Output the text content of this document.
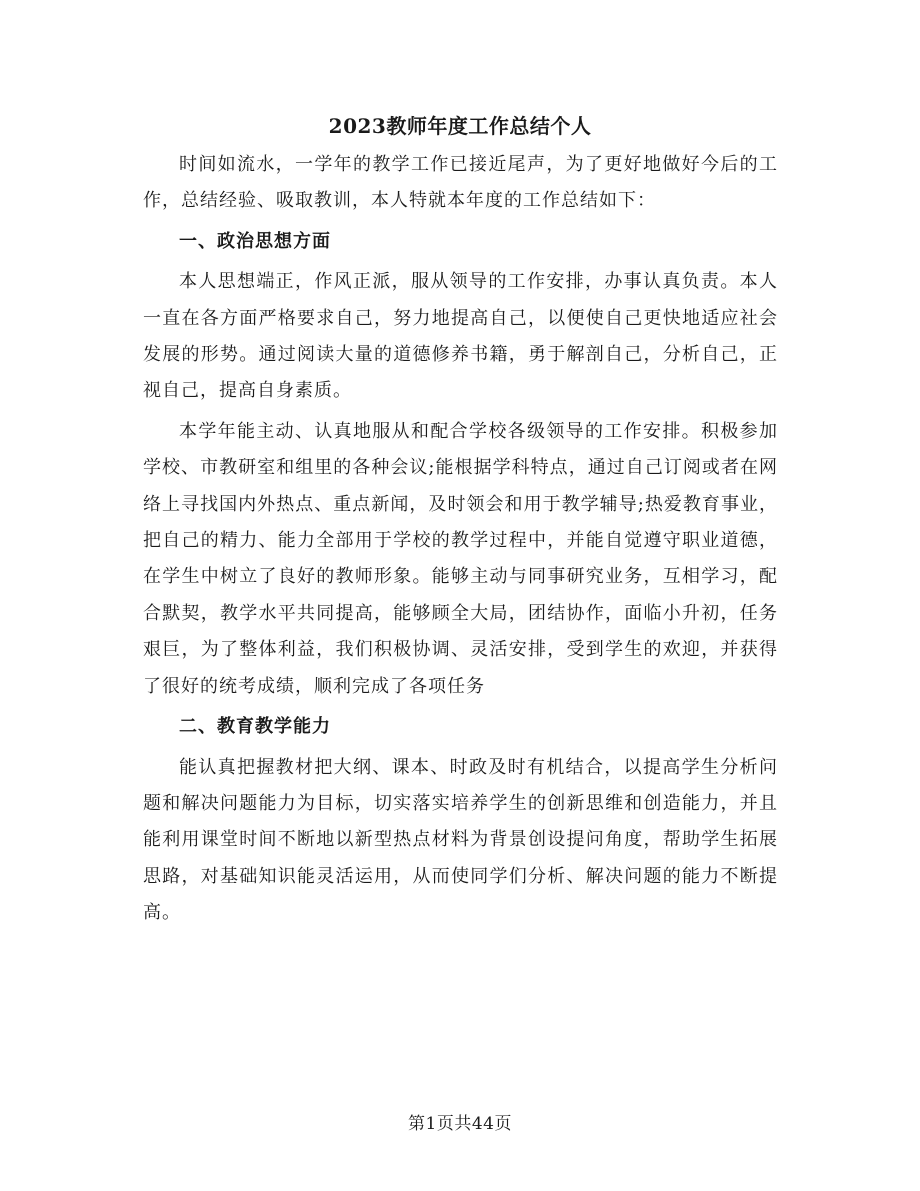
2023教师年度工作总结个人

时间如流水，一学年的教学工作已接近尾声，为了更好地做好今后的工作，总结经验、吸取教训，本人特就本年度的工作总结如下：

一、政治思想方面

本人思想端正，作风正派，服从领导的工作安排，办事认真负责。本人一直在各方面严格要求自己，努力地提高自己，以便使自己更快地适应社会发展的形势。通过阅读大量的道德修养书籍，勇于解剖自己，分析自己，正视自己，提高自身素质。

本学年能主动、认真地服从和配合学校各级领导的工作安排。积极参加学校、市教研室和组里的各种会议;能根据学科特点，通过自己订阅或者在网络上寻找国内外热点、重点新闻，及时领会和用于教学辅导;热爱教育事业，把自己的精力、能力全部用于学校的教学过程中，并能自觉遵守职业道德，在学生中树立了良好的教师形象。能够主动与同事研究业务，互相学习，配合默契，教学水平共同提高，能够顾全大局，团结协作，面临小升初，任务艰巨，为了整体利益，我们积极协调、灵活安排，受到学生的欢迎，并获得了很好的统考成绩，顺利完成了各项任务

二、教育教学能力

能认真把握教材把大纲、课本、时政及时有机结合，以提高学生分析问题和解决问题能力为目标，切实落实培养学生的创新思维和创造能力，并且能利用课堂时间不断地以新型热点材料为背景创设提问角度，帮助学生拓展思路，对基础知识能灵活运用，从而使同学们分析、解决问题的能力不断提高。

第1页共44页
